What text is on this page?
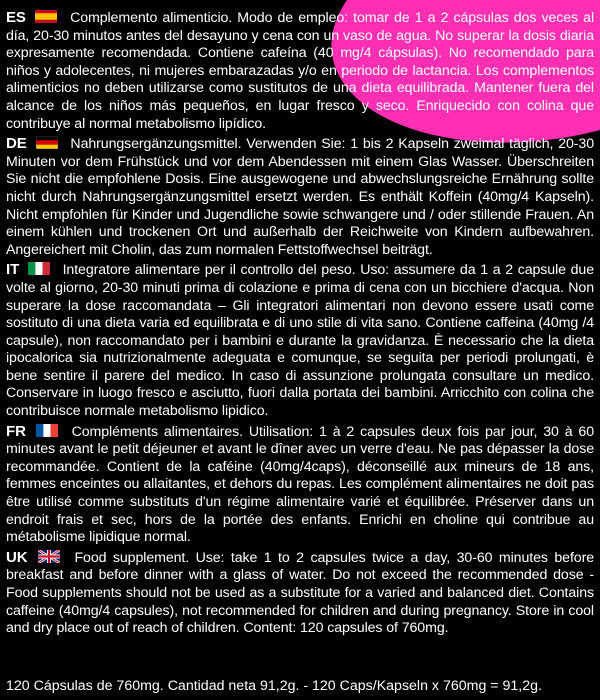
ES	Complemento alimenticio. Modo de empleo: tomar de 1 a 2 cápsulas dos veces al día, 20-30 minutos antes del desayuno y cena con un vaso de agua. No superar la dosis diaria expresamente recomendada. Contiene cafeína (40 mg/4 cápsulas). No recomendado para niños y adolecentes, ni mujeres embarazadas y/o en periodo de lactancia. Los complementos alimenticios no deben utilizarse como sustitutos de una dieta equilibrada. Mantener fuera del alcance de los niños más pequeños, en lugar fresco y seco. Enriquecido con colina que contribuye al normal metabolismo lipídico.
DE	Nahrungsergänzungsmittel. Verwenden Sie: 1 bis 2 Kapseln zweimal täglich, 20-30 Minuten vor dem Frühstück und vor dem Abendessen mit einem Glas Wasser. Überschreiten Sie nicht die empfohlene Dosis. Eine ausgewogene und abwechslungsreiche Ernährung sollte nicht durch Nahrungsergänzungsmittel ersetzt werden. Es enthält Koffein (40mg/4 Kapseln). Nicht empfohlen für Kinder und Jugendliche sowie schwangere und / oder stillende Frauen. An einem kühlen und trockenen Ort und außerhalb der Reichweite von Kindern aufbewahren. Angereichert mit Cholin, das zum normalen Fettstoffwechsel beiträgt.
IT	Integratore alimentare per il controllo del peso. Uso: assumere da 1 a 2 capsule due volte al giorno, 20-30 minuti prima di colazione e prima di cena con un bicchiere d'acqua. Non superare la dose raccomandata – Gli integratori alimentari non devono essere usati come sostituto di una dieta varia ed equilibrata e di uno stile di vita sano. Contiene caffeina (40mg /4 capsule), non raccomandato per i bambini e durante la gravidanza. È necessario che la dieta ipocalorica sia nutrizionalmente adeguata e comunque, se seguita per periodi prolungati, è bene sentire il parere del medico. In caso di assunzione prolungata consultare un medico. Conservare in luogo fresco e asciutto, fuori dalla portata dei bambini. Arricchito con colina che contribuisce normale metabolismo lipidico.
FR	Compléments alimentaires. Utilisation: 1 à 2 capsules deux fois par jour, 30 à 60 minutes avant le petit déjeuner et avant le dîner avec un verre d'eau. Ne pas dépasser la dose recommandée. Contient de la caféine (40mg/4caps), déconseillé aux mineurs de 18 ans, femmes enceintes ou allaitantes, et dehors du repas. Les complément alimentaires ne doit pas être utilisé comme substituts d'un régime alimentaire varié et équilibrée. Préserver dans un endroit frais et sec, hors de la portée des enfants. Enrichi en choline qui contribue au métabolisme lipidique normal.
UK	Food supplement. Use: take 1 to 2 capsules twice a day, 30-60 minutes before breakfast and before dinner with a glass of water. Do not exceed the recommended dose - Food supplements should not be used as a substitute for a varied and balanced diet. Contains caffeine (40mg/4 capsules), not recommended for children and during pregnancy. Store in cool and dry place out of reach of children. Content: 120 capsules of 760mg.
120 Cápsulas de 760mg. Cantidad neta 91,2g. - 120 Caps/Kapseln x 760mg = 91,2g.
